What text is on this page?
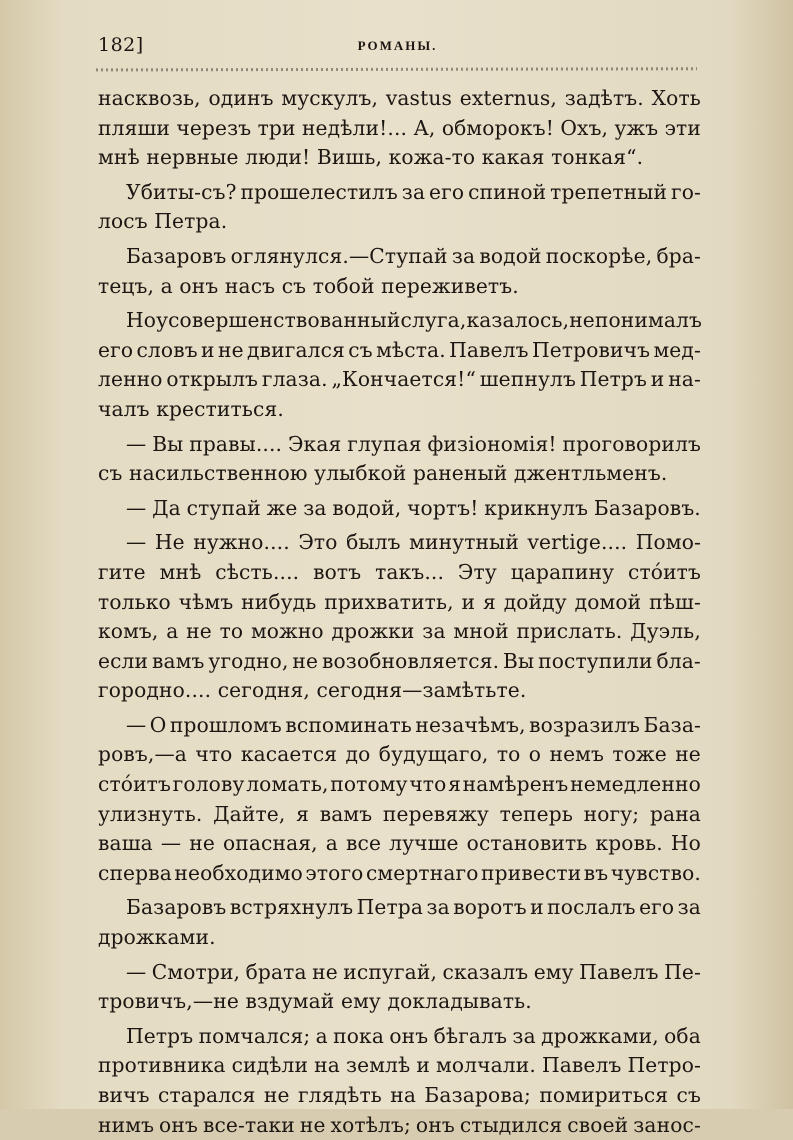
182]	РОМАНЫ.
насквозь, одинъ мускулъ, vastus externus, задѣтъ. Хоть
пляши черезъ три недѣли!... А, обморокъ! Охъ, ужъ эти
мнѣ нервные люди! Вишь, кожа-то какая тонкая“.
Убиты-съ? прошелестилъ за его спиной трепетный го-
лосъ Петра.
Базаровъ оглянулся.—Ступай за водой поскорѣе, бра-
тецъ, а онъ насъ съ тобой переживетъ.
Но усовершенствованный слуга, казалось, не понималъ
его словъ и не двигался съ мѣста. Павелъ Петровичъ мед-
ленно открылъ глаза. „Кончается!“ шепнулъ Петръ и на-
чалъ креститься.
— Вы правы.... Экая глупая физіономія! проговорилъ
съ насильственною улыбкой раненый джентльменъ.
— Да ступай же за водой, чортъ! крикнулъ Базаровъ.
— Не нужно.... Это былъ минутный vertige.... Помо-
гите мнѣ сѣсть.... вотъ такъ... Эту царапину стóитъ
только чѣмъ нибудь прихватить, и я дойду домой пѣш-
комъ, а не то можно дрожки за мной прислать. Дуэль,
если вамъ угодно, не возобновляется. Вы поступили бла-
городно.... сегодня, сегодня—замѣтьте.
— О прошломъ вспоминать незачѣмъ, возразилъ База-
ровъ,—а что касается до будущаго, то о немъ тоже не
стóитъ голову ломать, потому что я намѣренъ немедленно
улизнуть. Дайте, я вамъ перевяжу теперь ногу; рана
ваша — не опасная, а все лучше остановить кровь. Но
сперва необходимо этого смертнаго привести въ чувство.
Базаровъ встряхнулъ Петра за воротъ и послалъ его за
дрожками.
— Смотри, брата не испугай, сказалъ ему Павелъ Пе-
тровичъ,—не вздумай ему докладывать.
Петръ помчался; а пока онъ бѣгалъ за дрожками, оба
противника сидѣли на землѣ и молчали. Павелъ Петро-
вичъ старался не глядѣть на Базарова; помириться съ
нимъ онъ все-таки не хотѣлъ; онъ стыдился своей занос-
